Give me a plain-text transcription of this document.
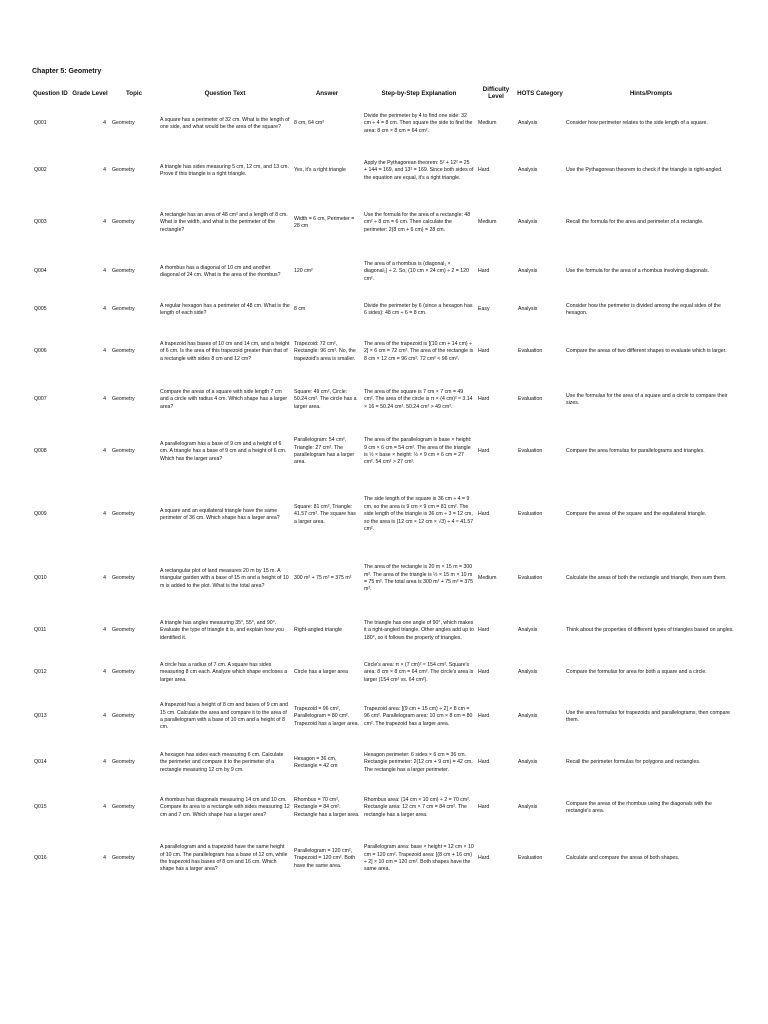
Chapter 5: Geometry
Question ID	Grade Level	Topic	Question Text	Answer	Step-by-Step Explanation	Difficulty Level	HOTS Category	Hints/Prompts
Q001	4	Geometry	A square has a perimeter of 32 cm. What is the length of one side, and what would be the area of the square?	8 cm, 64 cm²	Divide the perimeter by 4 to find one side: 32 cm ÷ 4 = 8 cm. Then square the side to find the area: 8 cm × 8 cm = 64 cm².	Medium	Analysis	Consider how perimeter relates to the side length of a square.
Q002	4	Geometry	A triangle has sides measuring 5 cm, 12 cm, and 13 cm. Prove if this triangle is a right triangle.	Yes, it's a right triangle	Apply the Pythagorean theorem: 5² + 12² = 25 + 144 = 169, and 13² = 169. Since both sides of the equation are equal, it's a right triangle.	Hard	Analysis	Use the Pythagorean theorem to check if the triangle is right-angled.
Q003	4	Geometry	A rectangle has an area of 48 cm² and a length of 8 cm. What is the width, and what is the perimeter of the rectangle?	Width = 6 cm, Perimeter = 28 cm	Use the formula for the area of a rectangle: 48 cm² ÷ 8 cm = 6 cm. Then calculate the perimeter: 2(8 cm + 6 cm) = 28 cm.	Medium	Analysis	Recall the formula for the area and perimeter of a rectangle.
Q004	4	Geometry	A rhombus has a diagonal of 10 cm and another diagonal of 24 cm. What is the area of the rhombus?	120 cm²	The area of a rhombus is (diagonal₁ × diagonal₂) ÷ 2. So, (10 cm × 24 cm) ÷ 2 = 120 cm².	Hard	Analysis	Use the formula for the area of a rhombus involving diagonals.
Q005	4	Geometry	A regular hexagon has a perimeter of 48 cm. What is the length of each side?	8 cm	Divide the perimeter by 6 (since a hexagon has 6 sides): 48 cm ÷ 6 = 8 cm.	Easy	Analysis	Consider how the perimeter is divided among the equal sides of the hexagon.
Q006	4	Geometry	A trapezoid has bases of 10 cm and 14 cm, and a height of 6 cm. Is the area of this trapezoid greater than that of a rectangle with sides 8 cm and 12 cm?	Trapezoid: 72 cm², Rectangle: 96 cm². No, the trapezoid's area is smaller.	The area of the trapezoid is [(10 cm + 14 cm) ÷ 2] × 6 cm = 72 cm². The area of the rectangle is 8 cm × 12 cm = 96 cm². 72 cm² < 96 cm².	Hard	Evaluation	Compare the areas of two different shapes to evaluate which is larger.
Q007	4	Geometry	Compare the areas of a square with side length 7 cm and a circle with radius 4 cm. Which shape has a larger area?	Square: 49 cm², Circle: 50.24 cm². The circle has a larger area.	The area of the square is 7 cm × 7 cm = 49 cm². The area of the circle is π × (4 cm)² ≈ 3.14 × 16 = 50.24 cm². 50.24 cm² > 49 cm².	Hard	Evaluation	Use the formulas for the area of a square and a circle to compare their sizes.
Q008	4	Geometry	A parallelogram has a base of 9 cm and a height of 6 cm. A triangle has a base of 9 cm and a height of 6 cm. Which has the larger area?	Parallelogram: 54 cm², Triangle: 27 cm². The parallelogram has a larger area.	The area of the parallelogram is base × height: 9 cm × 6 cm = 54 cm². The area of the triangle is ½ × base × height: ½ × 9 cm × 6 cm = 27 cm². 54 cm² > 27 cm².	Hard	Evaluation	Compare the area formulas for parallelograms and triangles.
Q009	4	Geometry	A square and an equilateral triangle have the same perimeter of 36 cm. Which shape has a larger area?	Square: 81 cm², Triangle: 41.57 cm². The square has a larger area.	The side length of the square is 36 cm ÷ 4 = 9 cm, so the area is 9 cm × 9 cm = 81 cm². The side length of the triangle is 36 cm ÷ 3 = 12 cm, so the area is (12 cm × 12 cm × √3) ÷ 4 ≈ 41.57 cm².	Hard	Evaluation	Compare the areas of the square and the equilateral triangle.
Q010	4	Geometry	A rectangular plot of land measures 20 m by 15 m. A triangular garden with a base of 15 m and a height of 10 m is added to the plot. What is the total area?	300 m² + 75 m² = 375 m²	The area of the rectangle is 20 m × 15 m = 300 m². The area of the triangle is ½ × 15 m × 10 m = 75 m². The total area is 300 m² + 75 m² = 375 m².	Medium	Evaluation	Calculate the areas of both the rectangle and triangle, then sum them.
Q011	4	Geometry	A triangle has angles measuring 35°, 55°, and 90°. Evaluate the type of triangle it is, and explain how you identified it.	Right-angled triangle	The triangle has one angle of 90°, which makes it a right-angled triangle. Other angles add up to 180°, so it follows the property of triangles.	Hard	Analysis	Think about the properties of different types of triangles based on angles.
Q012	4	Geometry	A circle has a radius of 7 cm. A square has sides measuring 8 cm each. Analyze which shape encloses a larger area.	Circle has a larger area	Circle's area: π × (7 cm)² ≈ 154 cm². Square's area: 8 cm × 8 cm = 64 cm². The circle's area is larger (154 cm² vs. 64 cm²).	Hard	Analysis	Compare the formulas for area for both a square and a circle.
Q013	4	Geometry	A trapezoid has a height of 8 cm and bases of 9 cm and 15 cm. Calculate the area and compare it to the area of a parallelogram with a base of 10 cm and a height of 8 cm.	Trapezoid = 96 cm², Parallelogram = 80 cm². Trapezoid has a larger area.	Trapezoid area: [(9 cm + 15 cm) ÷ 2] × 8 cm = 96 cm². Parallelogram area: 10 cm × 8 cm = 80 cm². The trapezoid has a larger area.	Hard	Analysis	Use the area formulas for trapezoids and parallelograms, then compare them.
Q014	4	Geometry	A hexagon has sides each measuring 6 cm. Calculate the perimeter and compare it to the perimeter of a rectangle measuring 12 cm by 9 cm.	Hexagon = 36 cm, Rectangle = 42 cm	Hexagon perimeter: 6 sides × 6 cm = 36 cm. Rectangle perimeter: 2(12 cm + 9 cm) = 42 cm. The rectangle has a larger perimeter.	Hard	Analysis	Recall the perimeter formulas for polygons and rectangles.
Q015	4	Geometry	A rhombus has diagonals measuring 14 cm and 10 cm. Compare its area to a rectangle with sides measuring 12 cm and 7 cm. Which shape has a larger area?	Rhombus = 70 cm², Rectangle = 84 cm². Rectangle has a larger area.	Rhombus area: (14 cm × 10 cm) ÷ 2 = 70 cm². Rectangle area: 12 cm × 7 cm = 84 cm². The rectangle has a larger area.	Hard	Analysis	Compare the areas of the rhombus using the diagonals with the rectangle's area.
Q016	4	Geometry	A parallelogram and a trapezoid have the same height of 10 cm. The parallelogram has a base of 12 cm, while the trapezoid has bases of 8 cm and 16 cm. Which shape has a larger area?	Parallelogram = 120 cm², Trapezoid = 120 cm². Both have the same area.	Parallelogram area: base × height = 12 cm × 10 cm = 120 cm². Trapezoid area: [(8 cm + 16 cm) ÷ 2] × 10 cm = 120 cm². Both shapes have the same area.	Hard	Evaluation	Calculate and compare the areas of both shapes.
